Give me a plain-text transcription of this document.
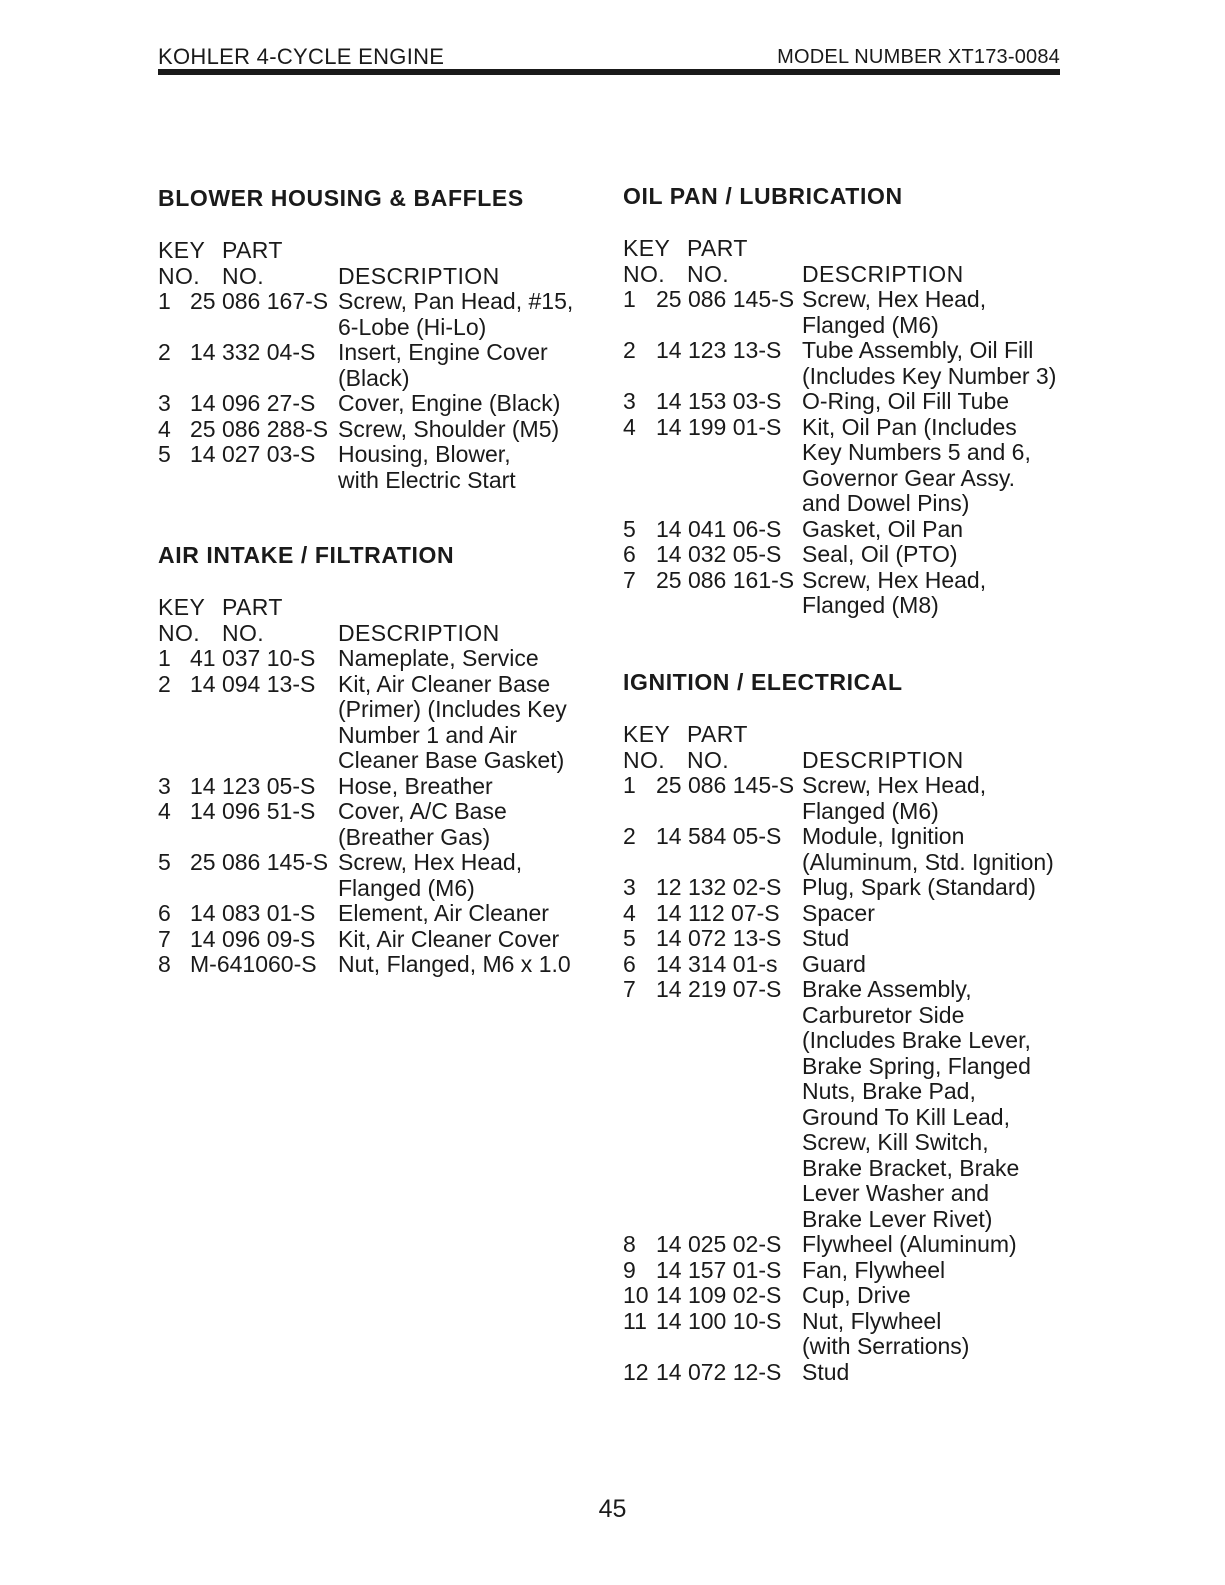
KOHLER 4-CYCLE ENGINE	MODEL NUMBER XT173-0084
BLOWER HOUSING & BAFFLES
KEY PART
NO. NO.	DESCRIPTION
1 25 086 167-S Screw, Pan Head, #15,
6-Lobe (Hi-Lo)
2 14 332 04-S Insert, Engine Cover
(Black)
3 14 096 27-S Cover, Engine (Black)
4 25 086 288-S Screw, Shoulder (M5)
5 14 027 03-S Housing, Blower,
with Electric Start
AIR INTAKE / FILTRATION
KEY PART
NO. NO.	DESCRIPTION
1 41 037 10-S Nameplate, Service
2 14 094 13-S Kit, Air Cleaner Base
(Primer) (Includes Key
Number 1 and Air
Cleaner Base Gasket)
3 14 123 05-S Hose, Breather
4 14 096 51-S Cover, A/C Base
(Breather Gas)
5 25 086 145-S Screw, Hex Head,
Flanged (M6)
6 14 083 01-S Element, Air Cleaner
7 14 096 09-S Kit, Air Cleaner Cover
8 M-641060-S Nut, Flanged, M6 x 1.0
OIL PAN / LUBRICATION
KEY PART
NO. NO.	DESCRIPTION
1 25 086 145-S Screw, Hex Head,
Flanged (M6)
2 14 123 13-S Tube Assembly, Oil Fill
(Includes Key Number 3)
3 14 153 03-S O-Ring, Oil Fill Tube
4 14 199 01-S Kit, Oil Pan (Includes
Key Numbers 5 and 6,
Governor Gear Assy.
and Dowel Pins)
5 14 041 06-S Gasket, Oil Pan
6 14 032 05-S Seal, Oil (PTO)
7 25 086 161-S Screw, Hex Head,
Flanged (M8)
IGNITION / ELECTRICAL
KEY PART
NO. NO.	DESCRIPTION
1 25 086 145-S Screw, Hex Head,
Flanged (M6)
2 14 584 05-S Module, Ignition
(Aluminum, Std. Ignition)
3 12 132 02-S Plug, Spark (Standard)
4 14 112 07-S Spacer
5 14 072 13-S Stud
6 14 314 01-s Guard
7 14 219 07-S Brake Assembly,
Carburetor Side
(Includes Brake Lever,
Brake Spring, Flanged
Nuts, Brake Pad,
Ground To Kill Lead,
Screw, Kill Switch,
Brake Bracket, Brake
Lever Washer and
Brake Lever Rivet)
8 14 025 02-S Flywheel (Aluminum)
9 14 157 01-S Fan, Flywheel
10 14 109 02-S Cup, Drive
11 14 100 10-S Nut, Flywheel
(with Serrations)
12 14 072 12-S Stud
45
